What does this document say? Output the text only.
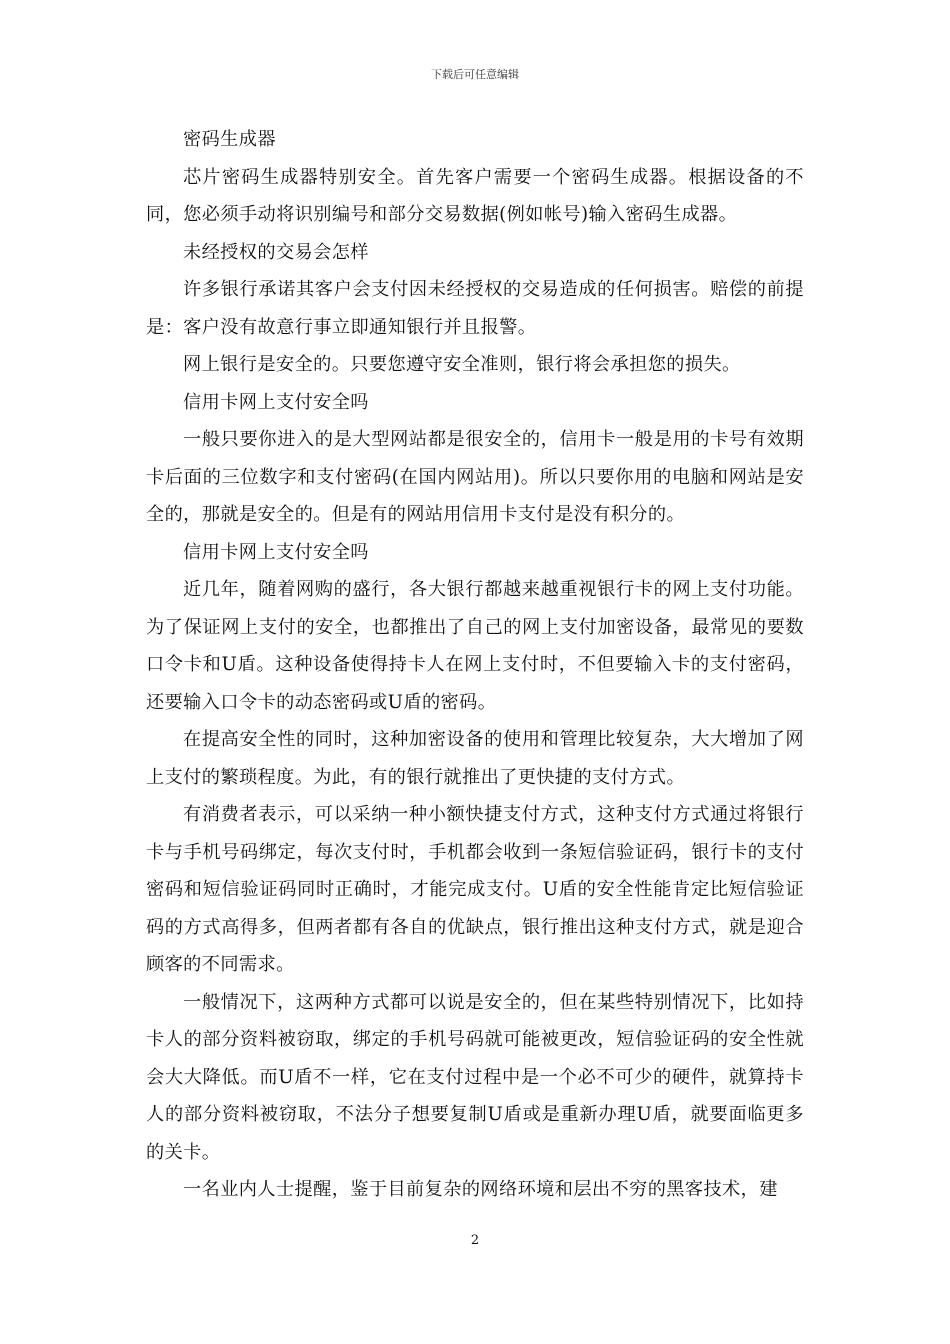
下载后可任意编辑

密码生成器

芯片密码生成器特别安全。首先客户需要一个密码生成器。根据设备的不同，您必须手动将识别编号和部分交易数据(例如帐号)输入密码生成器。

未经授权的交易会怎样

许多银行承诺其客户会支付因未经授权的交易造成的任何损害。赔偿的前提是：客户没有故意行事立即通知银行并且报警。

网上银行是安全的。只要您遵守安全准则，银行将会承担您的损失。

信用卡网上支付安全吗

一般只要你进入的是大型网站都是很安全的，信用卡一般是用的卡号有效期卡后面的三位数字和支付密码(在国内网站用)。所以只要你用的电脑和网站是安全的，那就是安全的。但是有的网站用信用卡支付是没有积分的。

信用卡网上支付安全吗

近几年，随着网购的盛行，各大银行都越来越重视银行卡的网上支付功能。为了保证网上支付的安全，也都推出了自己的网上支付加密设备，最常见的要数口令卡和U盾。这种设备使得持卡人在网上支付时，不但要输入卡的支付密码，还要输入口令卡的动态密码或U盾的密码。

在提高安全性的同时，这种加密设备的使用和管理比较复杂，大大增加了网上支付的繁琐程度。为此，有的银行就推出了更快捷的支付方式。

有消费者表示，可以采纳一种小额快捷支付方式，这种支付方式通过将银行卡与手机号码绑定，每次支付时，手机都会收到一条短信验证码，银行卡的支付密码和短信验证码同时正确时，才能完成支付。U盾的安全性能肯定比短信验证码的方式高得多，但两者都有各自的优缺点，银行推出这种支付方式，就是迎合顾客的不同需求。

一般情况下，这两种方式都可以说是安全的，但在某些特别情况下，比如持卡人的部分资料被窃取，绑定的手机号码就可能被更改，短信验证码的安全性就会大大降低。而U盾不一样，它在支付过程中是一个必不可少的硬件，就算持卡人的部分资料被窃取，不法分子想要复制U盾或是重新办理U盾，就要面临更多的关卡。

一名业内人士提醒，鉴于目前复杂的网络环境和层出不穷的黑客技术，建

2
